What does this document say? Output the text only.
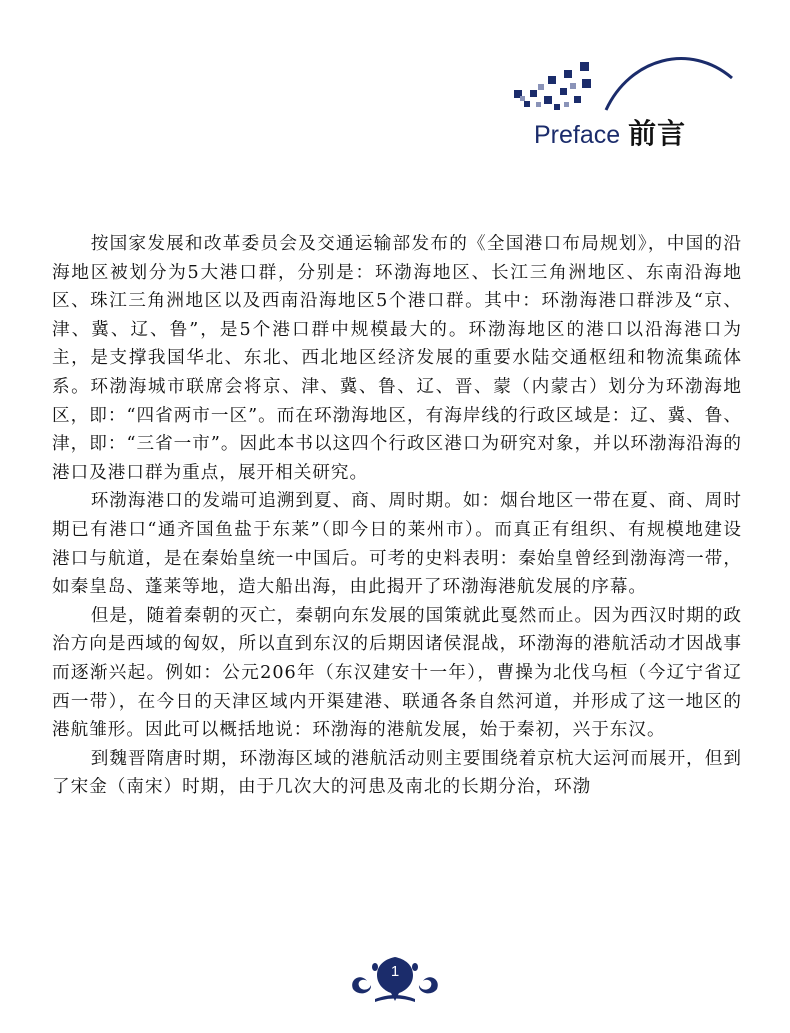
Preface 前言

按国家发展和改革委员会及交通运输部发布的《全国港口布局规划》，中国的沿海地区被划分为5大港口群，分别是：环渤海地区、长江三角洲地区、东南沿海地区、珠江三角洲地区以及西南沿海地区5个港口群。其中：环渤海港口群涉及“京、津、冀、辽、鲁”，是5个港口群中规模最大的。环渤海地区的港口以沿海港口为主，是支撑我国华北、东北、西北地区经济发展的重要水陆交通枢纽和物流集疏体系。环渤海城市联席会将京、津、冀、鲁、辽、晋、蒙（内蒙古）划分为环渤海地区，即：“四省两市一区”。而在环渤海地区，有海岸线的行政区域是：辽、冀、鲁、津，即：“三省一市”。因此本书以这四个行政区港口为研究对象，并以环渤海沿海的港口及港口群为重点，展开相关研究。

环渤海港口的发端可追溯到夏、商、周时期。如：烟台地区一带在夏、商、周时期已有港口“通齐国鱼盐于东莱”（即今日的莱州市）。而真正有组织、有规模地建设港口与航道，是在秦始皇统一中国后。可考的史料表明：秦始皇曾经到渤海湾一带，如秦皇岛、蓬莱等地，造大船出海，由此揭开了环渤海港航发展的序幕。

但是，随着秦朝的灭亡，秦朝向东发展的国策就此戛然而止。因为西汉时期的政治方向是西域的匈奴，所以直到东汉的后期因诸侯混战，环渤海的港航活动才因战事而逐渐兴起。例如：公元206年（东汉建安十一年），曹操为北伐乌桓（今辽宁省辽西一带），在今日的天津区域内开渠建港、联通各条自然河道，并形成了这一地区的港航雏形。因此可以概括地说：环渤海的港航发展，始于秦初，兴于东汉。

到魏晋隋唐时期，环渤海区域的港航活动则主要围绕着京杭大运河而展开，但到了宋金（南宋）时期，由于几次大的河患及南北的长期分治，环渤

1
